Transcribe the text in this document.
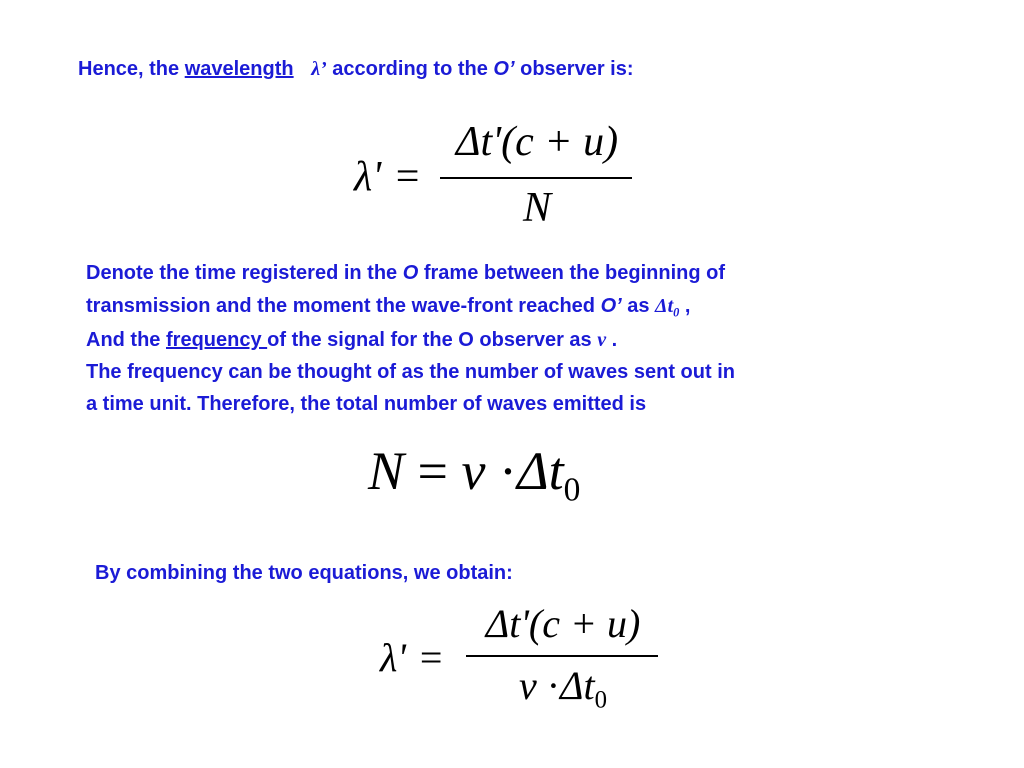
Hence, the wavelength λ’ according to the O’ observer is:
λ' =
Δt'(c + u)
N
Denote the time registered in the O frame between the beginning of
transmission and the moment the wave-front reached O’ as $\Delta t_0$ ,
And the frequency of the signal for the O observer as ν .
The frequency can be thought of as the number of waves sent out in
a time unit. Therefore, the total number of waves emitted is
$N = \nu \cdot\Delta t_0$
By combining the two equations, we obtain:
λ' =
Δt'(c + u)
$\nu \cdot\Delta t_0$
